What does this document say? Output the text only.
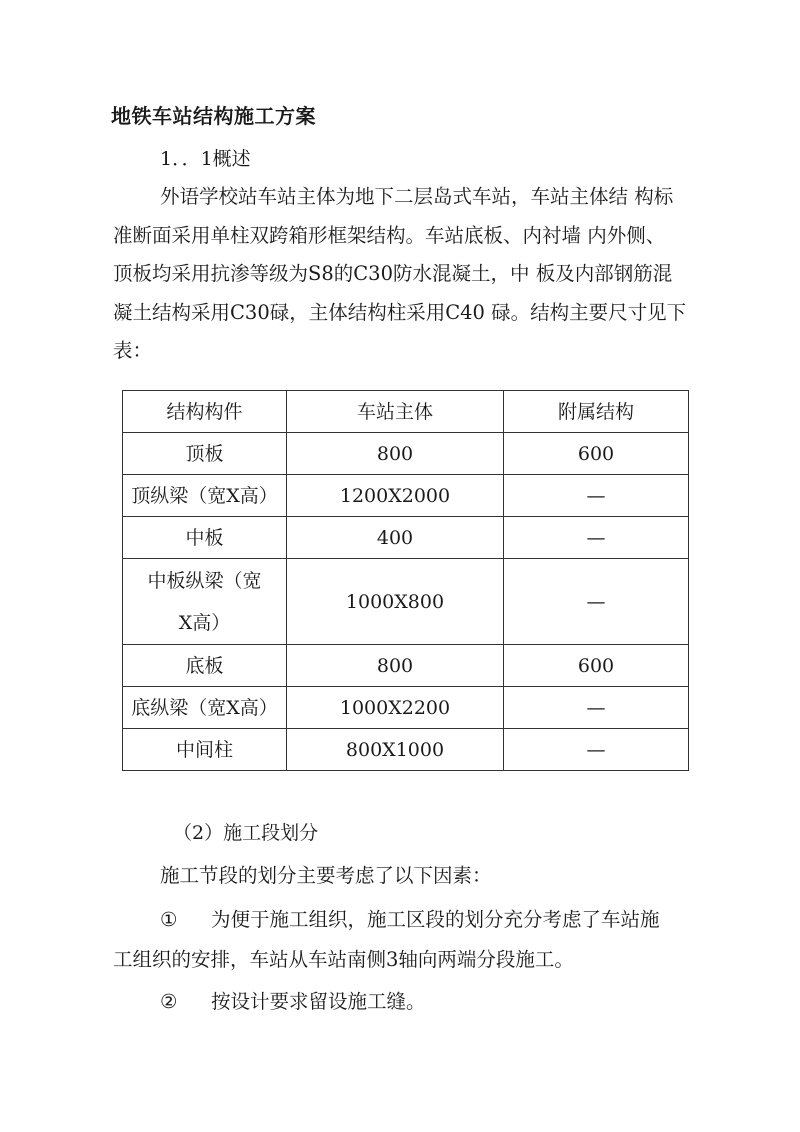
地铁车站结构施工方案
1．．1概述
外语学校站车站主体为地下二层岛式车站，车站主体结 构标
准断面采用单柱双跨箱形框架结构。车站底板、内衬墙 内外侧、
顶板均采用抗渗等级为S8的C30防水混凝土，中 板及内部钢筋混
凝土结构采用C30碌，主体结构柱采用C40 碌。结构主要尺寸见下
表：
结构构件	车站主体	附属结构
顶板	800	600
顶纵梁（宽X高）	1200X2000	—
中板	400	—
中板纵梁（宽X高）	1000X800	—
底板	800	600
底纵梁（宽X高）	1000X2200	—
中间柱	800X1000	—
（2）施工段划分
施工节段的划分主要考虑了以下因素：
① 为便于施工组织，施工区段的划分充分考虑了车站施
工组织的安排，车站从车站南侧3轴向两端分段施工。
② 按设计要求留设施工缝。
